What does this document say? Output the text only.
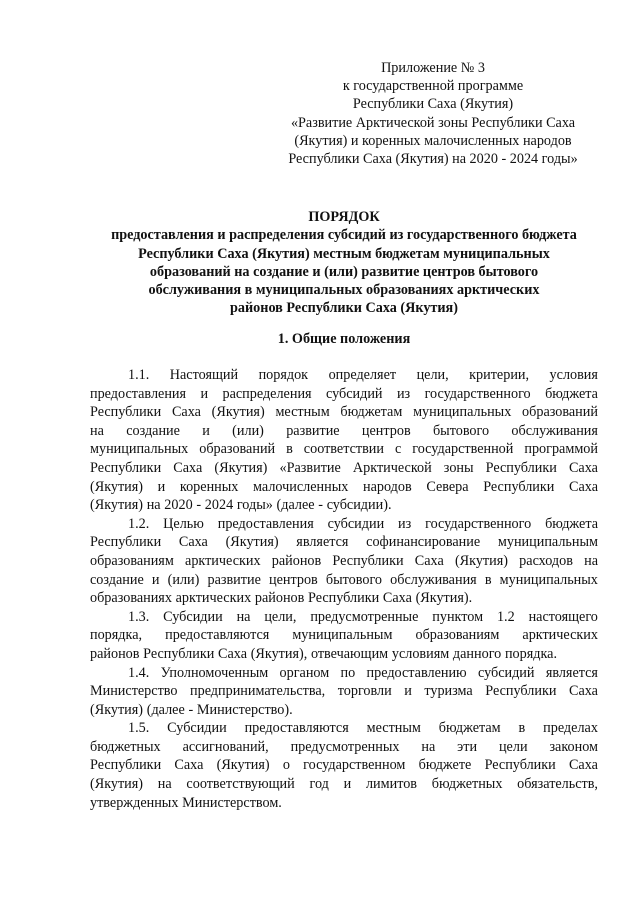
Приложение № 3
к государственной программе
Республики Саха (Якутия)
«Развитие Арктической зоны Республики Саха
(Якутия) и коренных малочисленных народов
Республики Саха (Якутия) на 2020 - 2024 годы»
ПОРЯДОК
предоставления и распределения субсидий из государственного бюджета
Республики Саха (Якутия) местным бюджетам муниципальных
образований на создание и (или) развитие центров бытового
обслуживания в муниципальных образованиях арктических
районов Республики Саха (Якутия)
1. Общие положения
1.1. Настоящий порядок определяет цели, критерии, условия
предоставления и распределения субсидий из государственного бюджета
Республики Саха (Якутия) местным бюджетам муниципальных образований
на создание и (или) развитие центров бытового обслуживания
муниципальных образований в соответствии с государственной программой
Республики Саха (Якутия) «Развитие Арктической зоны Республики Саха
(Якутия) и коренных малочисленных народов Севера Республики Саха
(Якутия) на 2020 - 2024 годы» (далее - субсидии).
1.2. Целью предоставления субсидии из государственного бюджета
Республики Саха (Якутия) является софинансирование муниципальным
образованиям арктических районов Республики Саха (Якутия) расходов на
создание и (или) развитие центров бытового обслуживания в муниципальных
образованиях арктических районов Республики Саха (Якутия).
1.3. Субсидии на цели, предусмотренные пунктом 1.2 настоящего
порядка, предоставляются муниципальным образованиям арктических
районов Республики Саха (Якутия), отвечающим условиям данного порядка.
1.4. Уполномоченным органом по предоставлению субсидий является
Министерство предпринимательства, торговли и туризма Республики Саха
(Якутия) (далее - Министерство).
1.5. Субсидии предоставляются местным бюджетам в пределах
бюджетных ассигнований, предусмотренных на эти цели законом
Республики Саха (Якутия) о государственном бюджете Республики Саха
(Якутия) на соответствующий год и лимитов бюджетных обязательств,
утвержденных Министерством.
